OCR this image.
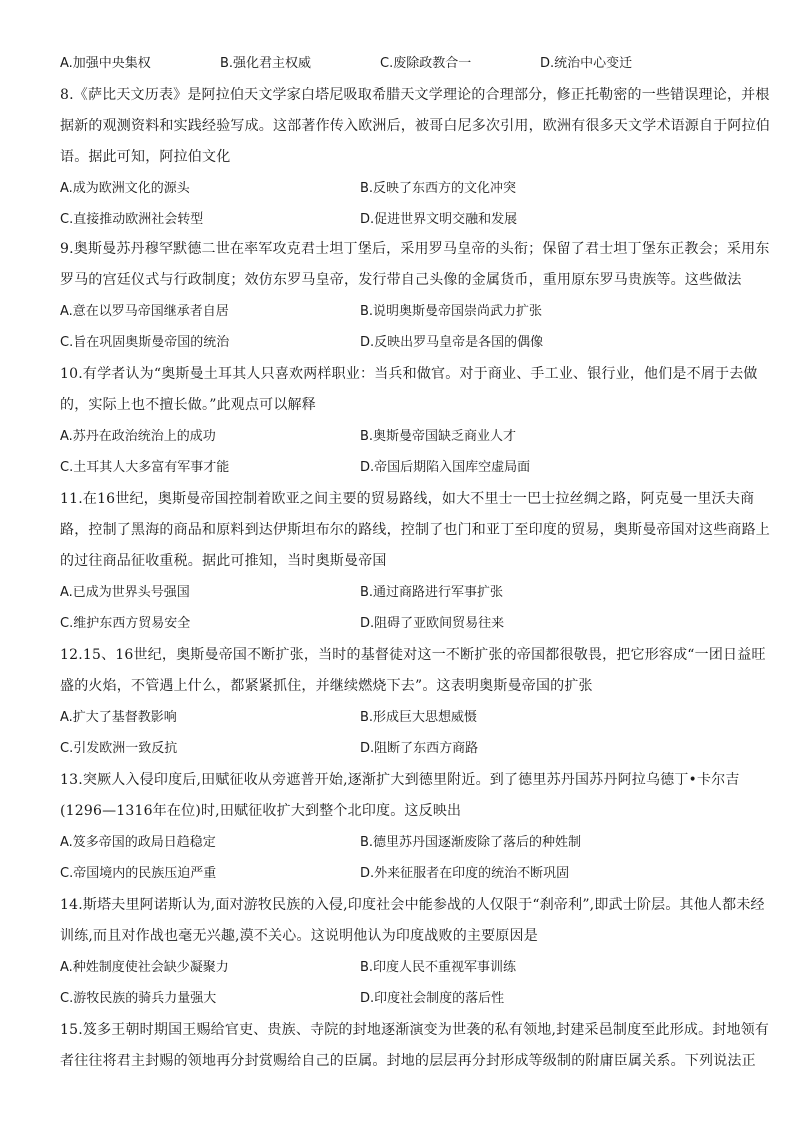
A.加强中央集权	B.强化君主权威	C.废除政教合一	D.统治中心变迁

8.《萨比天文历表》是阿拉伯天文学家白塔尼吸取希腊天文学理论的合理部分，修正托勒密的一些错误理论，并根据新的观测资料和实践经验写成。这部著作传入欧洲后，被哥白尼多次引用，欧洲有很多天文学术语源自于阿拉伯语。据此可知，阿拉伯文化

A.成为欧洲文化的源头	B.反映了东西方的文化冲突
C.直接推动欧洲社会转型	D.促进世界文明交融和发展

9.奥斯曼苏丹穆罕默德二世在率军攻克君士坦丁堡后，采用罗马皇帝的头衔；保留了君士坦丁堡东正教会；采用东罗马的宫廷仪式与行政制度；效仿东罗马皇帝，发行带自己头像的金属货币，重用原东罗马贵族等。这些做法

A.意在以罗马帝国继承者自居	B.说明奥斯曼帝国崇尚武力扩张
C.旨在巩固奥斯曼帝国的统治	D.反映出罗马皇帝是各国的偶像

10.有学者认为“奥斯曼土耳其人只喜欢两样职业：当兵和做官。对于商业、手工业、银行业，他们是不屑于去做的，实际上也不擅长做。”此观点可以解释

A.苏丹在政治统治上的成功	B.奥斯曼帝国缺乏商业人才
C.土耳其人大多富有军事才能	D.帝国后期陷入国库空虚局面

11.在16世纪，奥斯曼帝国控制着欧亚之间主要的贸易路线，如大不里士一巴士拉丝绸之路，阿克曼一里沃夫商路，控制了黑海的商品和原料到达伊斯坦布尔的路线，控制了也门和亚丁至印度的贸易，奥斯曼帝国对这些商路上的过往商品征收重税。据此可推知，当时奥斯曼帝国

A.已成为世界头号强国	B.通过商路进行军事扩张
C.维护东西方贸易安全	D.阻碍了亚欧间贸易往来

12.15、16世纪，奥斯曼帝国不断扩张，当时的基督徒对这一不断扩张的帝国都很敬畏，把它形容成“一团日益旺盛的火焰，不管遇上什么，都紧紧抓住，并继续燃烧下去”。这表明奥斯曼帝国的扩张

A.扩大了基督教影响	B.形成巨大思想威慑
C.引发欧洲一致反抗	D.阻断了东西方商路

13.突厥人入侵印度后,田赋征收从旁遮普开始,逐渐扩大到德里附近。到了德里苏丹国苏丹阿拉乌德丁•卡尔吉(1296—1316年在位)时,田赋征收扩大到整个北印度。这反映出

A.笈多帝国的政局日趋稳定	B.德里苏丹国逐渐废除了落后的种姓制
C.帝国境内的民族压迫严重	D.外来征服者在印度的统治不断巩固

14.斯塔夫里阿诺斯认为,面对游牧民族的入侵,印度社会中能参战的人仅限于“刹帝利”,即武士阶层。其他人都未经训练,而且对作战也毫无兴趣,漠不关心。这说明他认为印度战败的主要原因是

A.种姓制度使社会缺少凝聚力	B.印度人民不重视军事训练
C.游牧民族的骑兵力量强大	D.印度社会制度的落后性

15.笈多王朝时期国王赐给官吏、贵族、寺院的封地逐渐演变为世袭的私有领地,封建采邑制度至此形成。封地领有者往往将君主封赐的领地再分封赏赐给自己的臣属。封地的层层再分封形成等级制的附庸臣属关系。下列说法正
